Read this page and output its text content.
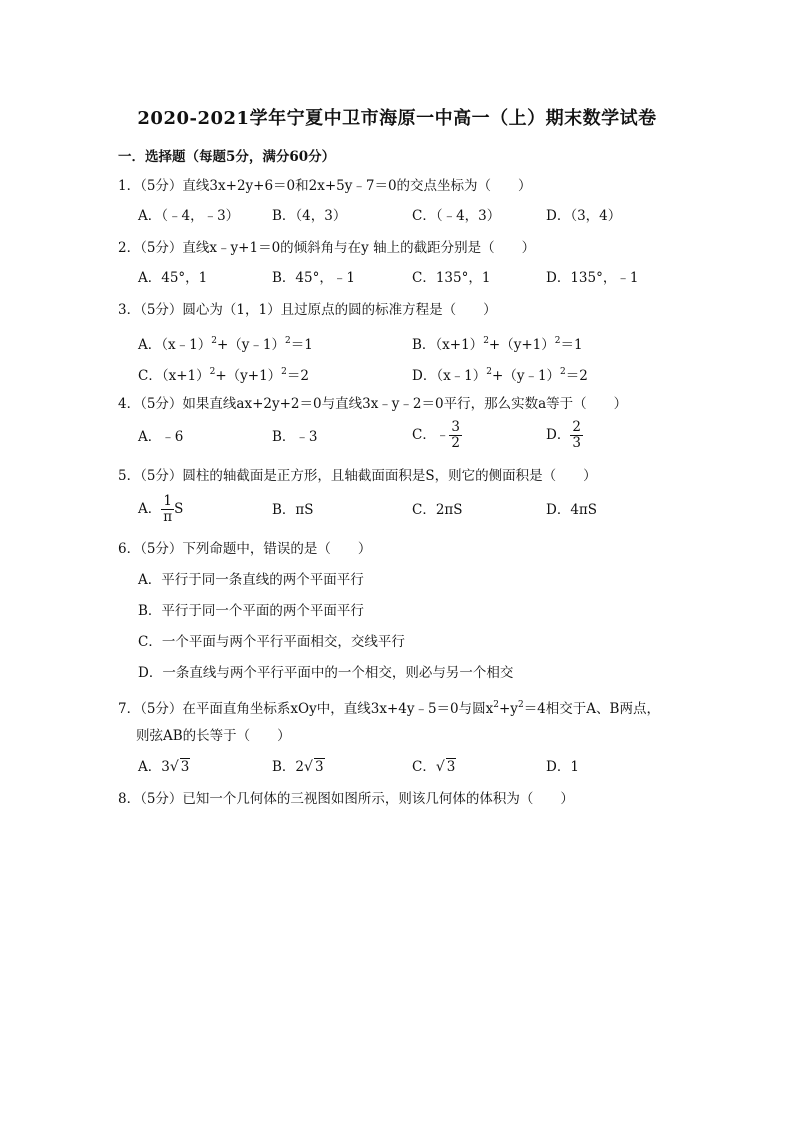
2020-2021学年宁夏中卫市海原一中高一（上）期末数学试卷
一．选择题（每题5分，满分60分）
1．（5分）直线3x+2y+6＝0和2x+5y﹣7＝0的交点坐标为（　　）
A．（﹣4，﹣3） B．（4，3）	C．（﹣4，3）	D．（3，4）
2．（5分）直线x﹣y+1＝0的倾斜角与在y 轴上的截距分别是（　　）
A．45°，1	B．45°，﹣1	C．135°，1	D．135°，﹣1
3．（5分）圆心为（1，1）且过原点的圆的标准方程是（　　）
A．（x﹣1）$^2$+（y﹣1）$^2$＝1	B．$(x+1)^2+(y+1)^2=1$
C．$(x+1)^2+(y+1)^2=2$	D．（x﹣1）$^2$+（y﹣1）$^2$＝2
4．（5分）如果直线ax+2y+2＝0与直线3x﹣y﹣2＝0平行，那么实数a等于（　　）
A．﹣6	B．﹣3	C．﹣ $\frac{3}{2}$	D． $\frac{2}{3}$
5．（5分）圆柱的轴截面是正方形，且轴截面面积是S，则它的侧面积是（　　）
A． $\frac{1}{\pi}$ S	B．πS	C．2πS	D．4πS
6．（5分）下列命题中，错误的是（　　）
A．平行于同一条直线的两个平面平行
B．平行于同一个平面的两个平面平行
C．一个平面与两个平行平面相交，交线平行
D．一条直线与两个平行平面中的一个相交，则必与另一个相交
7．（5分）在平面直角坐标系xOy中，直线3x+4y﹣5＝0与圆$x^2+y^2=4$相交于A、B两点，
则弦AB的长等于（　　）
A．3√ 3	B．2√ 3	C．√ 3	D．1
8．（5分）已知一个几何体的三视图如图所示，则该几何体的体积为（　　）
